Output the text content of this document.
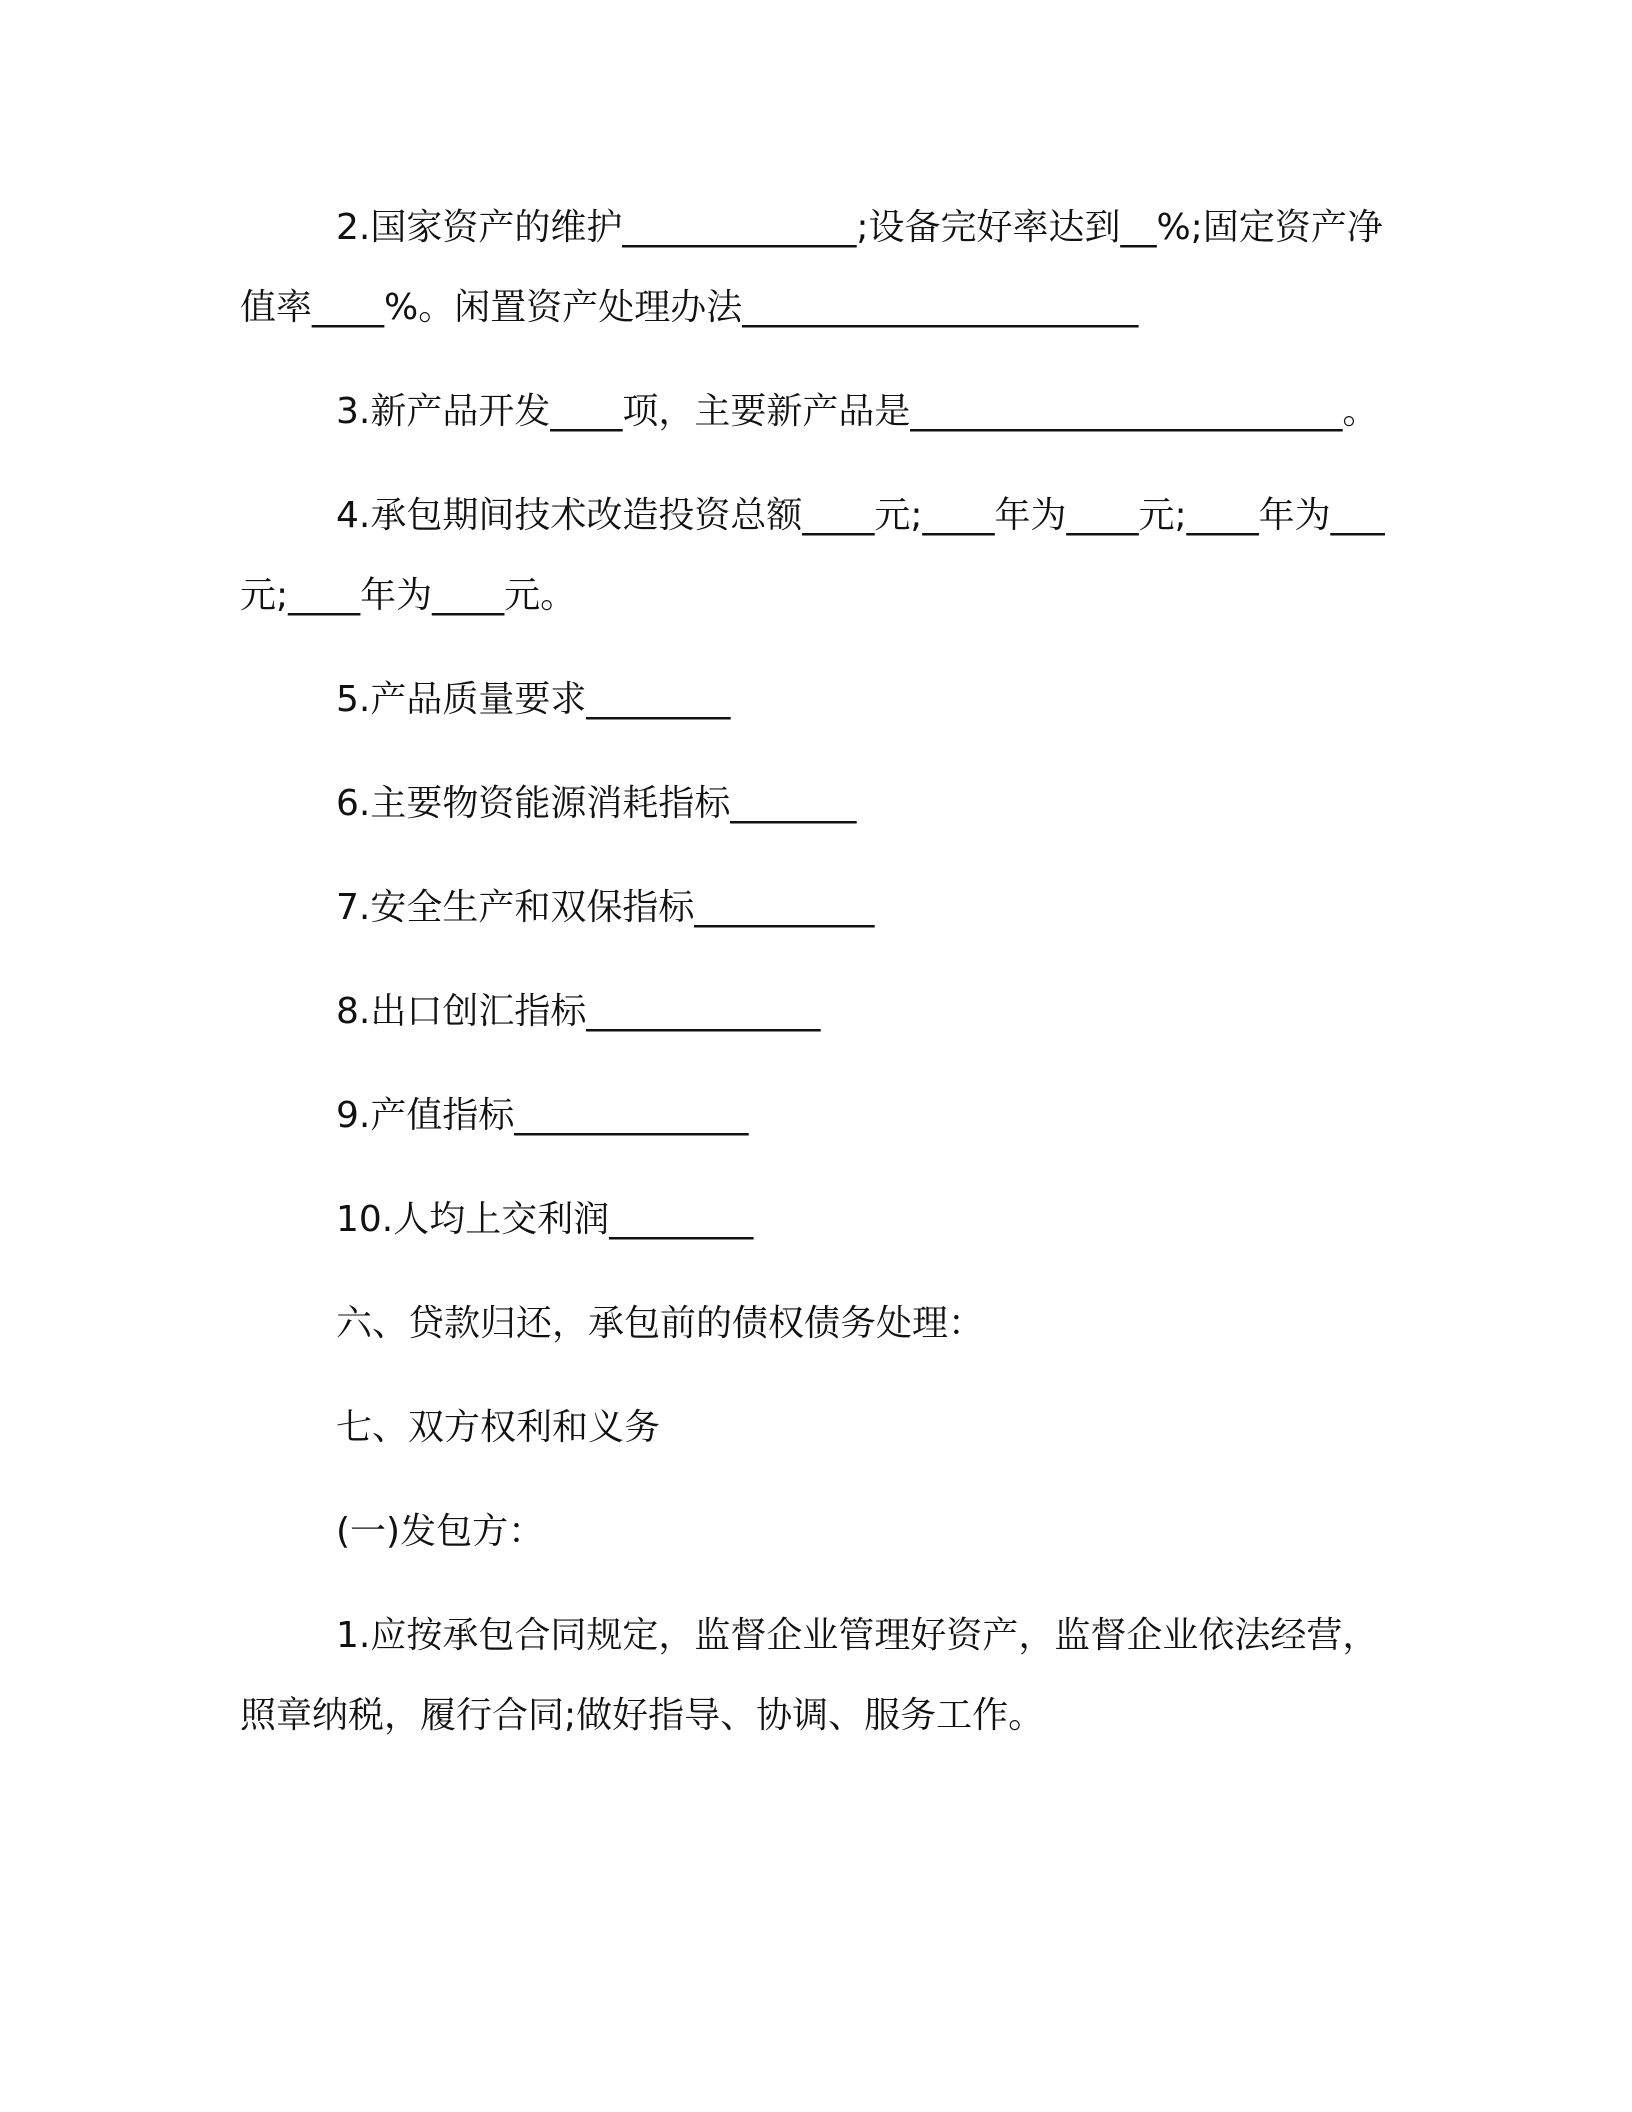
2.国家资产的维护_____________;设备完好率达到__%;固定资产净值率____%。闲置资产处理办法______________________

3.新产品开发____项，主要新产品是________________________。

4.承包期间技术改造投资总额____元;____年为____元;____年为___元;____年为____元。

5.产品质量要求________

6.主要物资能源消耗指标_______

7.安全生产和双保指标__________

8.出口创汇指标_____________

9.产值指标_____________

10.人均上交利润________

六、贷款归还，承包前的债权债务处理：

七、双方权利和义务

(一)发包方：

1.应按承包合同规定，监督企业管理好资产，监督企业依法经营，照章纳税，履行合同;做好指导、协调、服务工作。
